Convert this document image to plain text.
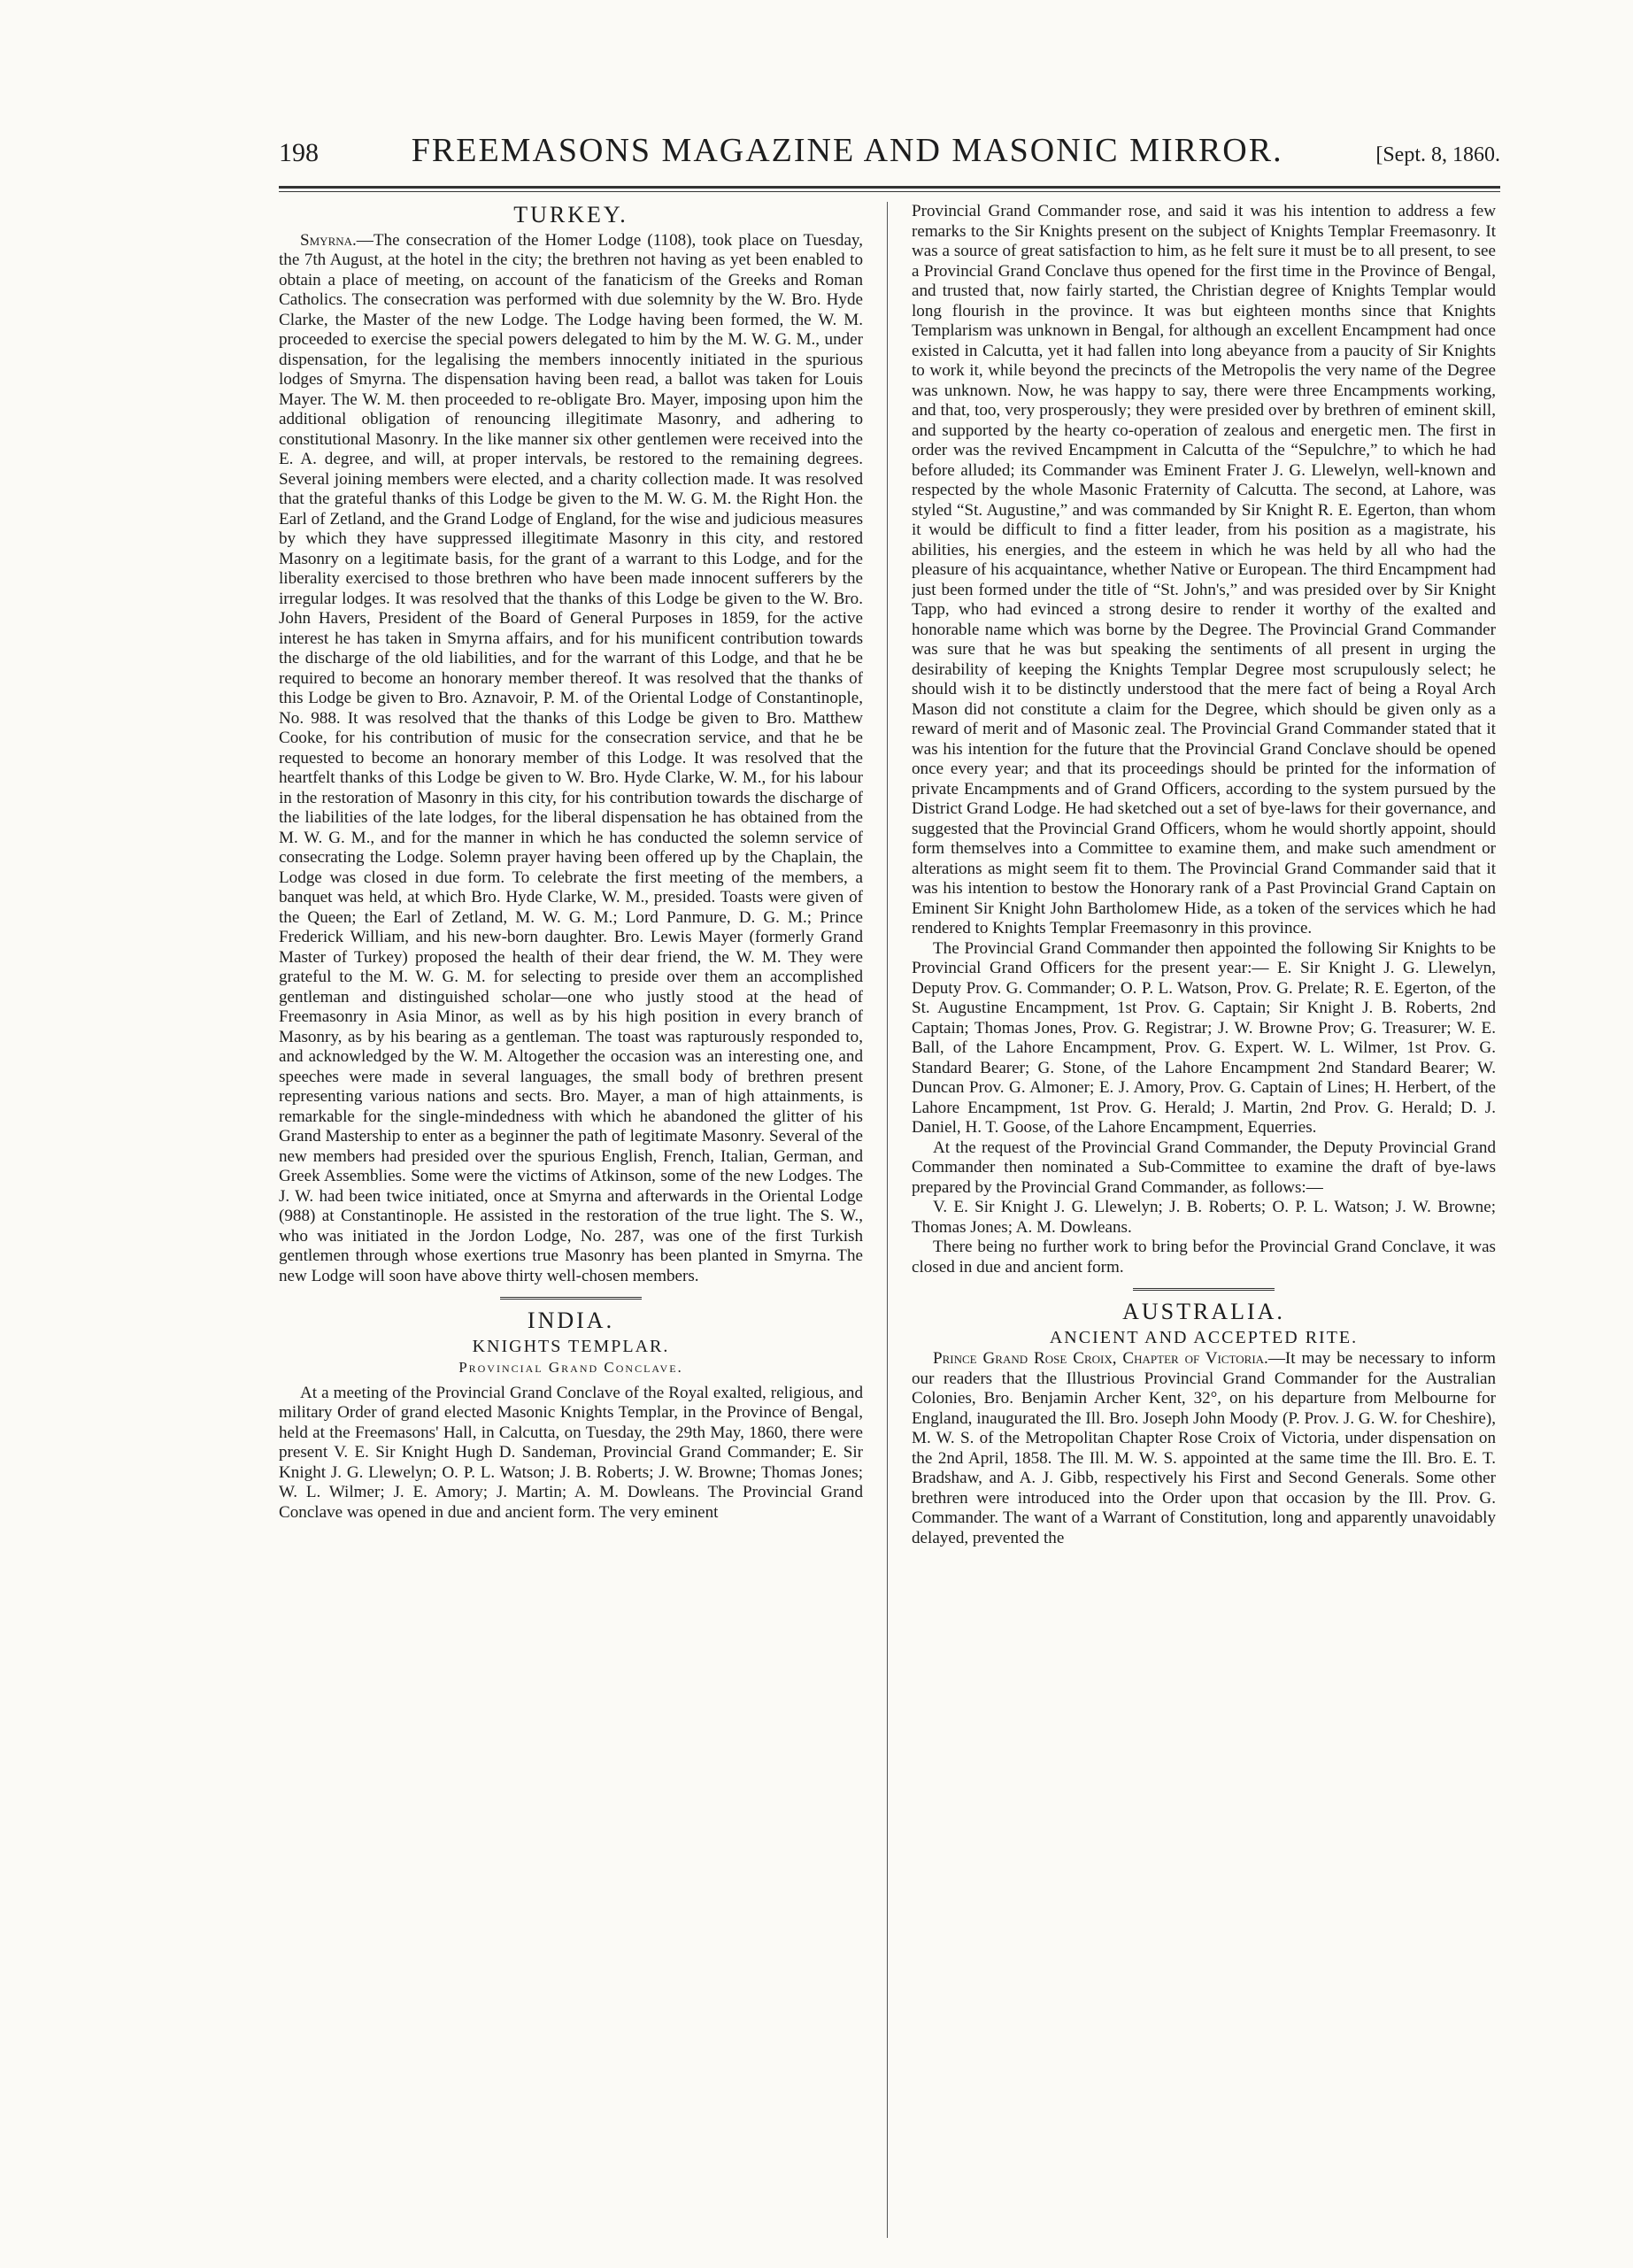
198	FREEMASONS MAGAZINE AND MASONIC MIRROR.	[Sept. 8, 1860.
TURKEY.

Smyrna.—The consecration of the Homer Lodge (1108), took place on Tuesday, the 7th August, at the hotel in the city; the brethren not having as yet been enabled to obtain a place of meeting, on account of the fanaticism of the Greeks and Roman Catholics. The consecration was performed with due solemnity by the W. Bro. Hyde Clarke, the Master of the new Lodge. The Lodge having been formed, the W. M. proceeded to exercise the special powers delegated to him by the M. W. G. M., under dispensation, for the legalising the members innocently initiated in the spurious lodges of Smyrna. The dispensation having been read, a ballot was taken for Louis Mayer. The W. M. then proceeded to re-obligate Bro. Mayer, imposing upon him the additional obligation of renouncing illegitimate Masonry, and adhering to constitutional Masonry. In the like manner six other gentlemen were received into the E. A. degree, and will, at proper intervals, be restored to the remaining degrees. Several joining members were elected, and a charity collection made. It was resolved that the grateful thanks of this Lodge be given to the M. W. G. M. the Right Hon. the Earl of Zetland, and the Grand Lodge of England, for the wise and judicious measures by which they have suppressed illegitimate Masonry in this city, and restored Masonry on a legitimate basis, for the grant of a warrant to this Lodge, and for the liberality exercised to those brethren who have been made innocent sufferers by the irregular lodges. It was resolved that the thanks of this Lodge be given to the W. Bro. John Havers, President of the Board of General Purposes in 1859, for the active interest he has taken in Smyrna affairs, and for his munificent contribution towards the discharge of the old liabilities, and for the warrant of this Lodge, and that he be required to become an honorary member thereof. It was resolved that the thanks of this Lodge be given to Bro. Aznavoir, P. M. of the Oriental Lodge of Constantinople, No. 988. It was resolved that the thanks of this Lodge be given to Bro. Matthew Cooke, for his contribution of music for the consecration service, and that he be requested to become an honorary member of this Lodge. It was resolved that the heartfelt thanks of this Lodge be given to W. Bro. Hyde Clarke, W. M., for his labour in the restoration of Masonry in this city, for his contribution towards the discharge of the liabilities of the late lodges, for the liberal dispensation he has obtained from the M. W. G. M., and for the manner in which he has conducted the solemn service of consecrating the Lodge. Solemn prayer having been offered up by the Chaplain, the Lodge was closed in due form. To celebrate the first meeting of the members, a banquet was held, at which Bro. Hyde Clarke, W. M., presided. Toasts were given of the Queen; the Earl of Zetland, M. W. G. M.; Lord Panmure, D. G. M.; Prince Frederick William, and his new-born daughter. Bro. Lewis Mayer (formerly Grand Master of Turkey) proposed the health of their dear friend, the W. M. They were grateful to the M. W. G. M. for selecting to preside over them an accomplished gentleman and distinguished scholar—one who justly stood at the head of Freemasonry in Asia Minor, as well as by his high position in every branch of Masonry, as by his bearing as a gentleman. The toast was rapturously responded to, and acknowledged by the W. M. Altogether the occasion was an interesting one, and speeches were made in several languages, the small body of brethren present representing various nations and sects. Bro. Mayer, a man of high attainments, is remarkable for the single-mindedness with which he abandoned the glitter of his Grand Mastership to enter as a beginner the path of legitimate Masonry. Several of the new members had presided over the spurious English, French, Italian, German, and Greek Assemblies. Some were the victims of Atkinson, some of the new Lodges. The J. W. had been twice initiated, once at Smyrna and afterwards in the Oriental Lodge (988) at Constantinople. He assisted in the restoration of the true light. The S. W., who was initiated in the Jordon Lodge, No. 287, was one of the first Turkish gentlemen through whose exertions true Masonry has been planted in Smyrna. The new Lodge will soon have above thirty well-chosen members.

INDIA.
KNIGHTS TEMPLAR.
Provincial Grand Conclave.

At a meeting of the Provincial Grand Conclave of the Royal exalted, religious, and military Order of grand elected Masonic Knights Templar, in the Province of Bengal, held at the Freemasons' Hall, in Calcutta, on Tuesday, the 29th May, 1860, there were present V. E. Sir Knight Hugh D. Sandeman, Provincial Grand Commander; E. Sir Knight J. G. Llewelyn; O. P. L. Watson; J. B. Roberts; J. W. Browne; Thomas Jones; W. L. Wilmer; J. E. Amory; J. Martin; A. M. Dowleans. The Provincial Grand Conclave was opened in due and ancient form. The very eminent

Provincial Grand Commander rose, and said it was his intention to address a few remarks to the Sir Knights present on the subject of Knights Templar Freemasonry. It was a source of great satisfaction to him, as he felt sure it must be to all present, to see a Provincial Grand Conclave thus opened for the first time in the Province of Bengal, and trusted that, now fairly started, the Christian degree of Knights Templar would long flourish in the province. It was but eighteen months since that Knights Templarism was unknown in Bengal, for although an excellent Encampment had once existed in Calcutta, yet it had fallen into long abeyance from a paucity of Sir Knights to work it, while beyond the precincts of the Metropolis the very name of the Degree was unknown. Now, he was happy to say, there were three Encampments working, and that, too, very prosperously; they were presided over by brethren of eminent skill, and supported by the hearty co-operation of zealous and energetic men. The first in order was the revived Encampment in Calcutta of the “Sepulchre,” to which he had before alluded; its Commander was Eminent Frater J. G. Llewelyn, well-known and respected by the whole Masonic Fraternity of Calcutta. The second, at Lahore, was styled “St. Augustine,” and was commanded by Sir Knight R. E. Egerton, than whom it would be difficult to find a fitter leader, from his position as a magistrate, his abilities, his energies, and the esteem in which he was held by all who had the pleasure of his acquaintance, whether Native or European. The third Encampment had just been formed under the title of “St. John's,” and was presided over by Sir Knight Tapp, who had evinced a strong desire to render it worthy of the exalted and honorable name which was borne by the Degree. The Provincial Grand Commander was sure that he was but speaking the sentiments of all present in urging the desirability of keeping the Knights Templar Degree most scrupulously select; he should wish it to be distinctly understood that the mere fact of being a Royal Arch Mason did not constitute a claim for the Degree, which should be given only as a reward of merit and of Masonic zeal. The Provincial Grand Commander stated that it was his intention for the future that the Provincial Grand Conclave should be opened once every year; and that its proceedings should be printed for the information of private Encampments and of Grand Officers, according to the system pursued by the District Grand Lodge. He had sketched out a set of bye-laws for their governance, and suggested that the Provincial Grand Officers, whom he would shortly appoint, should form themselves into a Committee to examine them, and make such amendment or alterations as might seem fit to them. The Provincial Grand Commander said that it was his intention to bestow the Honorary rank of a Past Provincial Grand Captain on Eminent Sir Knight John Bartholomew Hide, as a token of the services which he had rendered to Knights Templar Freemasonry in this province.

The Provincial Grand Commander then appointed the following Sir Knights to be Provincial Grand Officers for the present year:— E. Sir Knight J. G. Llewelyn, Deputy Prov. G. Commander; O. P. L. Watson, Prov. G. Prelate; R. E. Egerton, of the St. Augustine Encampment, 1st Prov. G. Captain; Sir Knight J. B. Roberts, 2nd Captain; Thomas Jones, Prov. G. Registrar; J. W. Browne Prov; G. Treasurer; W. E. Ball, of the Lahore Encampment, Prov. G. Expert. W. L. Wilmer, 1st Prov. G. Standard Bearer; G. Stone, of the Lahore Encampment 2nd Standard Bearer; W. Duncan Prov. G. Almoner; E. J. Amory, Prov. G. Captain of Lines; H. Herbert, of the Lahore Encampment, 1st Prov. G. Herald; J. Martin, 2nd Prov. G. Herald; D. J. Daniel, H. T. Goose, of the Lahore Encampment, Equerries.

At the request of the Provincial Grand Commander, the Deputy Provincial Grand Commander then nominated a Sub-Committee to examine the draft of bye-laws prepared by the Provincial Grand Commander, as follows:—

V. E. Sir Knight J. G. Llewelyn; J. B. Roberts; O. P. L. Watson; J. W. Browne; Thomas Jones; A. M. Dowleans.

There being no further work to bring befor the Provincial Grand Conclave, it was closed in due and ancient form.

AUSTRALIA.
ANCIENT AND ACCEPTED RITE.

Prince Grand Rose Croix, Chapter of Victoria.—It may be necessary to inform our readers that the Illustrious Provincial Grand Commander for the Australian Colonies, Bro. Benjamin Archer Kent, 32°, on his departure from Melbourne for England, inaugurated the Ill. Bro. Joseph John Moody (P. Prov. J. G. W. for Cheshire), M. W. S. of the Metropolitan Chapter Rose Croix of Victoria, under dispensation on the 2nd April, 1858. The Ill. M. W. S. appointed at the same time the Ill. Bro. E. T. Bradshaw, and A. J. Gibb, respectively his First and Second Generals. Some other brethren were introduced into the Order upon that occasion by the Ill. Prov. G. Commander. The want of a Warrant of Constitution, long and apparently unavoidably delayed, prevented the
